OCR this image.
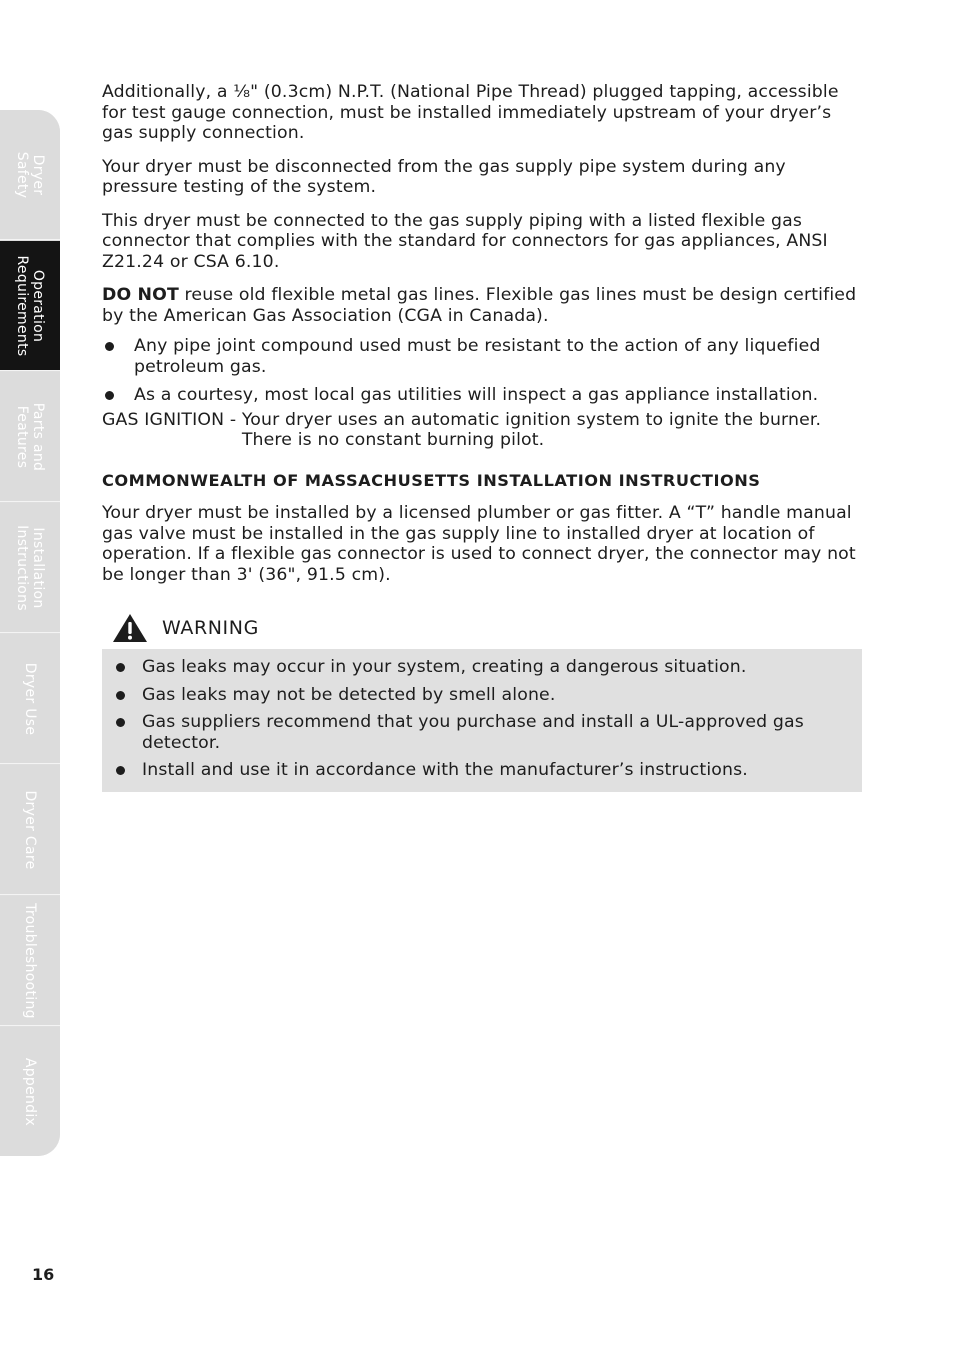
Dryer
Safety
Operation
Requirements
Parts and
Features
Installation
Instructions
Dryer Use
Dryer Care
Troubleshooting
Appendix

Additionally, a ⅛" (0.3cm) N.P.T. (National Pipe Thread) plugged tapping, accessible for test gauge connection, must be installed immediately upstream of your dryer’s gas supply connection.

Your dryer must be disconnected from the gas supply pipe system during any pressure testing of the system.

This dryer must be connected to the gas supply piping with a listed flexible gas connector that complies with the standard for connectors for gas appliances, ANSI Z21.24 or CSA 6.10.

DO NOT reuse old flexible metal gas lines. Flexible gas lines must be design certified by the American Gas Association (CGA in Canada).

Any pipe joint compound used must be resistant to the action of any liquefied petroleum gas.
As a courtesy, most local gas utilities will inspect a gas appliance installation.
GAS IGNITION - Your dryer uses an automatic ignition system to ignite the burner. There is no constant burning pilot.
COMMONWEALTH OF MASSACHUSETTS INSTALLATION INSTRUCTIONS

Your dryer must be installed by a licensed plumber or gas fitter. A “T” handle manual gas valve must be installed in the gas supply line to installed dryer at location of operation. If a flexible gas connector is used to connect dryer, the connector may not be longer than 3' (36", 91.5 cm).

WARNING
Gas leaks may occur in your system, creating a dangerous situation.
Gas leaks may not be detected by smell alone.
Gas suppliers recommend that you purchase and install a UL-approved gas detector.
Install and use it in accordance with the manufacturer’s instructions.
16
